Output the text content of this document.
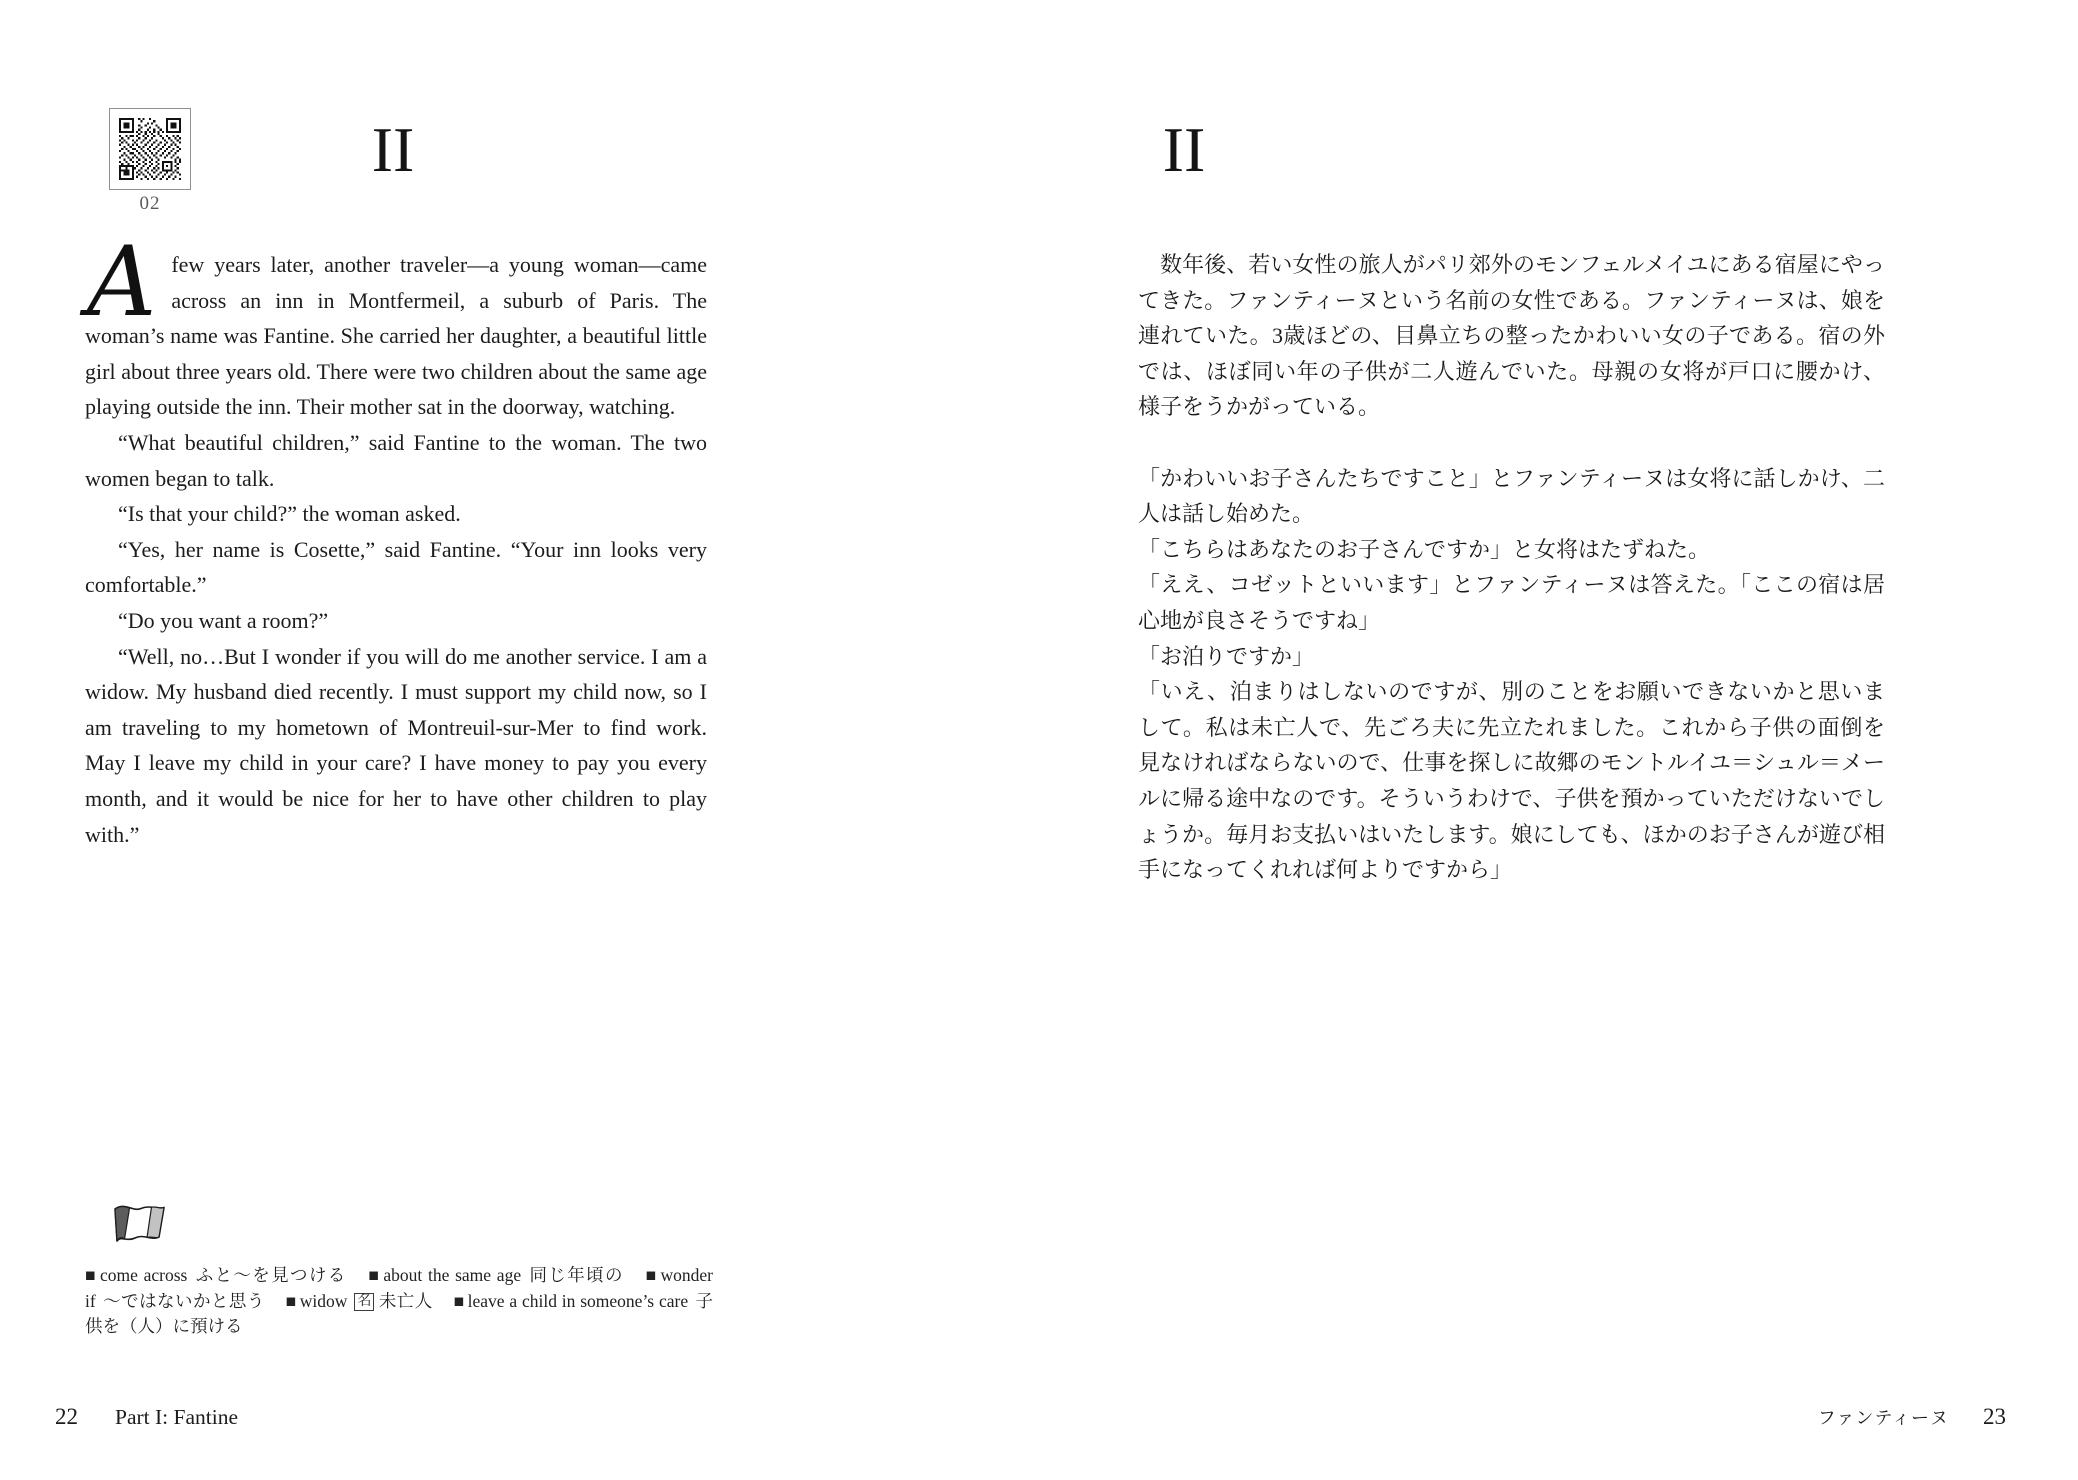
02
II

Afew years later, another traveler—a young woman—came across an inn in Montfermeil, a suburb of Paris. The woman’s name was Fantine. She carried her daughter, a beautiful little girl about three years old. There were two children about the same age playing outside the inn. Their mother sat in the doorway, watching.

“What beautiful children,” said Fantine to the woman. The two women began to talk.

“Is that your child?” the woman asked.

“Yes, her name is Cosette,” said Fantine. “Your inn looks very comfortable.”

“Do you want a room?”

“Well, no…But I wonder if you will do me another service. I am a widow. My husband died recently. I must support my child now, so I am traveling to my hometown of Montreuil-sur-Mer to find work. May I leave my child in your care? I have money to pay you every month, and it would be nice for her to have other children to play with.”

■ come across ふと〜を見つける ■ about the same age 同じ年頃の ■ wonder if 〜ではないかと思う ■ widow 名 未亡人 ■ leave a child in someone’s care 子供を（人）に預ける
22 Part I: Fantine
II

数年後、若い女性の旅人がパリ郊外のモンフェルメイユにある宿屋にやってきた。ファンティーヌという名前の女性である。ファンティーヌは、娘を連れていた。3歳ほどの、目鼻立ちの整ったかわいい女の子である。宿の外では、ほぼ同い年の子供が二人遊んでいた。母親の女将が戸口に腰かけ、様子をうかがっている。

「かわいいお子さんたちですこと」とファンティーヌは女将に話しかけ、二人は話し始めた。

「こちらはあなたのお子さんですか」と女将はたずねた。

「ええ、コゼットといいます」とファンティーヌは答えた。「ここの宿は居心地が良さそうですね」

「お泊りですか」

「いえ、泊まりはしないのですが、別のことをお願いできないかと思いまして。私は未亡人で、先ごろ夫に先立たれました。これから子供の面倒を見なければならないので、仕事を探しに故郷のモントルイユ＝シュル＝メールに帰る途中なのです。そういうわけで、子供を預かっていただけないでしょうか。毎月お支払いはいたします。娘にしても、ほかのお子さんが遊び相手になってくれれば何よりですから」

ファンティーヌ 23
